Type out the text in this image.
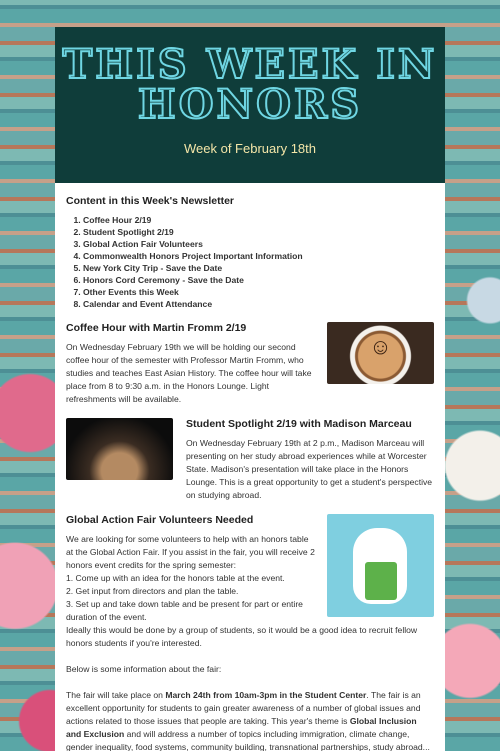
THIS WEEK IN HONORS
Week of February 18th
Content in this Week's Newsletter
1. Coffee Hour 2/19
2. Student Spotlight 2/19
3. Global Action Fair Volunteers
4. Commonwealth Honors Project Important Information
5. New York City Trip - Save the Date
6. Honors Cord Ceremony - Save the Date
7. Other Events this Week
8. Calendar and Event Attendance
☺
Coffee Hour with Martin Fromm 2/19

On Wednesday February 19th we will be holding our second coffee hour of the semester with Professor Martin Fromm, who studies and teaches East Asian History. The coffee hour will take place from 8 to 9:30 a.m. in the Honors Lounge. Light refreshments will be available.

Student Spotlight 2/19 with Madison Marceau

On Wednesday February 19th at 2 p.m., Madison Marceau will presenting on her study abroad experiences while at Worcester State. Madison's presentation will take place in the Honors Lounge. This is a great opportunity to get a student's perspective on studying abroad.

Global Action Fair Volunteers Needed

We are looking for some volunteers to help with an honors table at the Global Action Fair. If you assist in the fair, you will receive 2 honors event credits for the spring semester:

1. Come up with an idea for the honors table at the event.

2. Get input from directors and plan the table.

3. Set up and take down table and be present for part or entire duration of the event.

Ideally this would be done by a group of students, so it would be a good idea to recruit fellow honors students if you're interested.

Below is some information about the fair:

The fair will take place on March 24th from 10am-3pm in the Student Center. The fair is an excellent opportunity for students to gain greater awareness of a number of global issues and actions related to those issues that people are taking. This year's theme is Global Inclusion and Exclusion and will address a number of topics including immigration, climate change, gender inequality, food systems, community building, transnational partnerships, study abroad...
